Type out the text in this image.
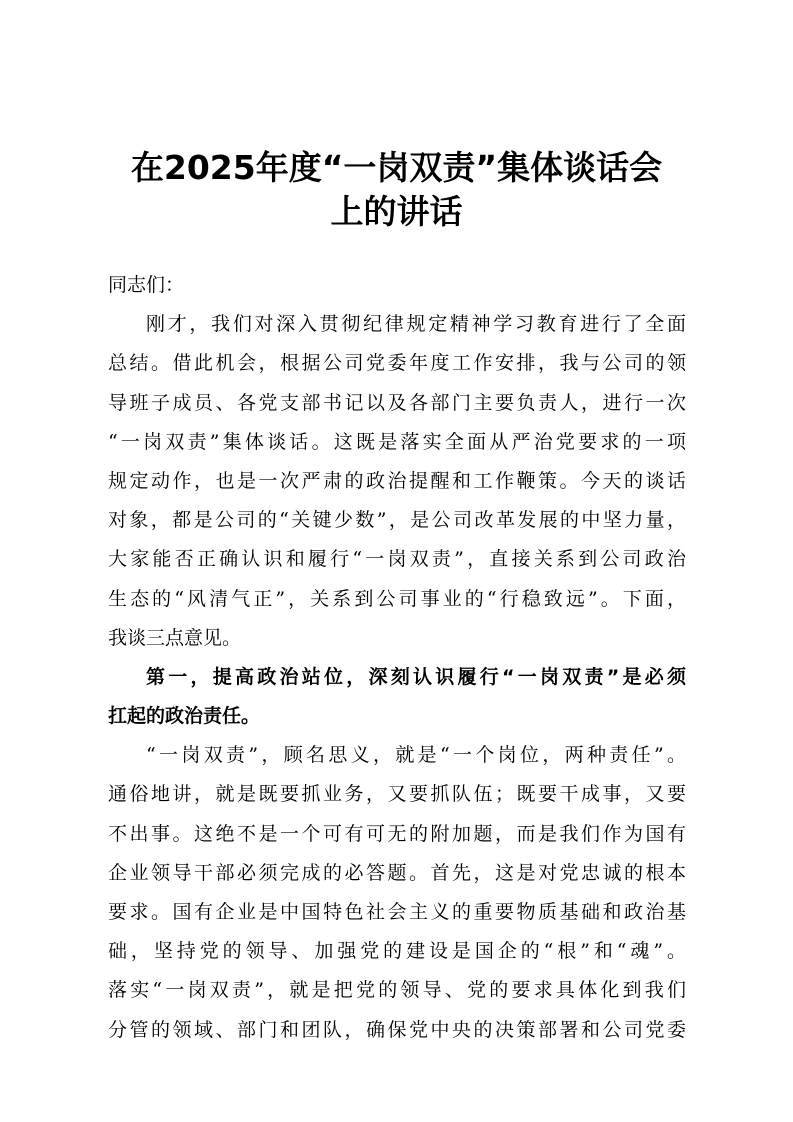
在2025年度“一岗双责”集体谈话会
上的讲话
同志们：
刚才，我们对深入贯彻纪律规定精神学习教育进行了全面
总结。借此机会，根据公司党委年度工作安排，我与公司的领
导班子成员、各党支部书记以及各部门主要负责人，进行一次
“一岗双责”集体谈话。这既是落实全面从严治党要求的一项
规定动作，也是一次严肃的政治提醒和工作鞭策。今天的谈话
对象，都是公司的“关键少数”，是公司改革发展的中坚力量，
大家能否正确认识和履行“一岗双责”，直接关系到公司政治
生态的“风清气正”，关系到公司事业的“行稳致远”。下面，
我谈三点意见。
第一，提高政治站位，深刻认识履行“一岗双责”是必须
扛起的政治责任。
“一岗双责”，顾名思义，就是“一个岗位，两种责任”。
通俗地讲，就是既要抓业务，又要抓队伍；既要干成事，又要
不出事。这绝不是一个可有可无的附加题，而是我们作为国有
企业领导干部必须完成的必答题。首先，这是对党忠诚的根本
要求。国有企业是中国特色社会主义的重要物质基础和政治基
础，坚持党的领导、加强党的建设是国企的“根”和“魂”。
落实“一岗双责”，就是把党的领导、党的要求具体化到我们
分管的领域、部门和团队，确保党中央的决策部署和公司党委
